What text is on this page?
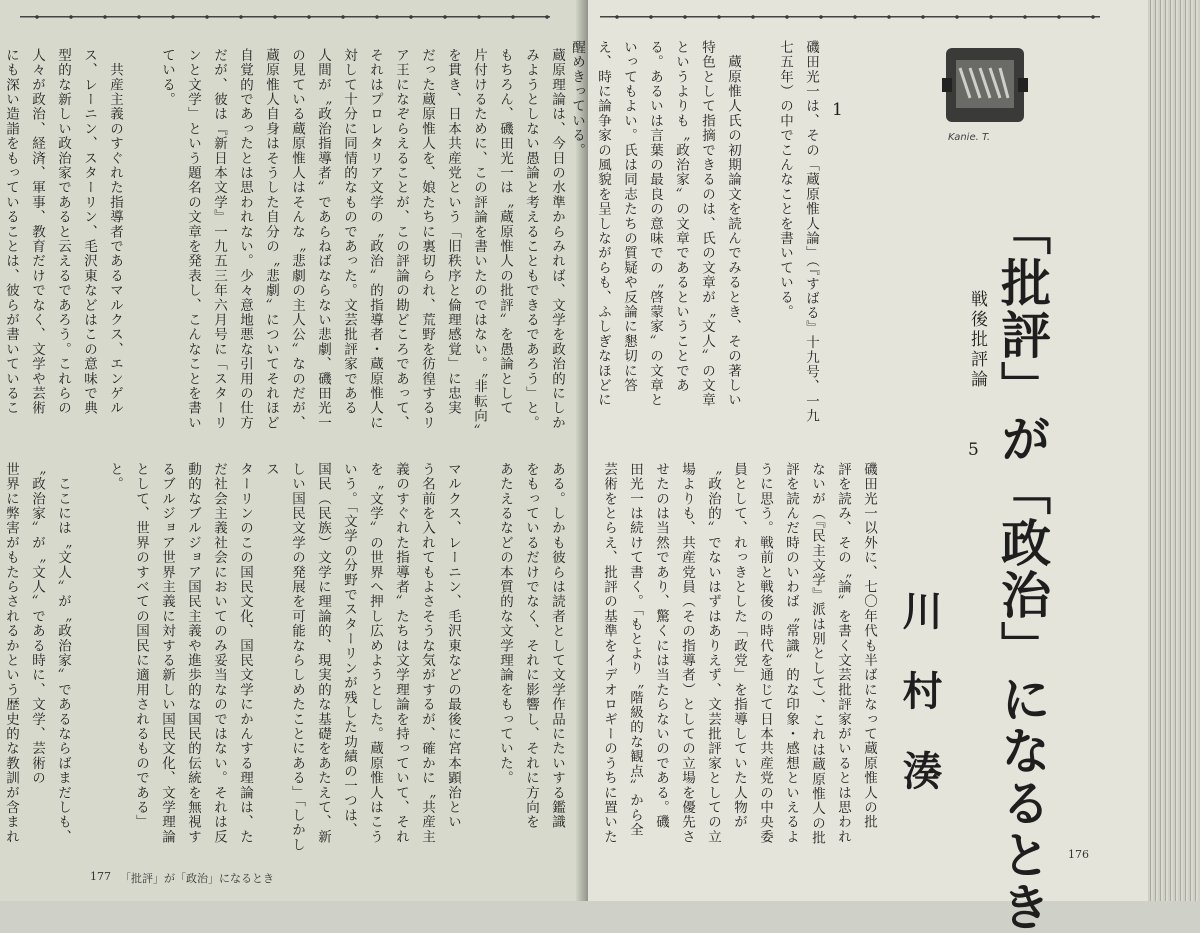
蔵原理論は、今日の水準からみれば、文学を政治的にしか
みようとしない愚論と考えることもできるであろう」と。
もちろん、磯田光一は〝蔵原惟人の批評〟を愚論として
片付けるために、この評論を書いたのではない。〝非転向〟
を貫き、日本共産党という「旧秩序と倫理感覚」に忠実
だった蔵原惟人を、娘たちに裏切られ、荒野を彷徨するリ
ア王になぞらえることが、この評論の勘どころであって、
それはプロレタリア文学の〝政治〟的指導者・蔵原惟人に
対して十分に同情的なものであった。文芸批評家である
人間が〝政治指導者〟であらねばならない悲劇、磯田光一
の見ている蔵原惟人はそんな〝悲劇の主人公〟なのだが、
蔵原惟人自身はそうした自分の〝悲劇〟についてそれほど
自覚的であったとは思われない。少々意地悪な引用の仕方
だが、彼は『新日本文学』一九五三年六月号に「スターリ
ンと文学」という題名の文章を発表し、こんなことを書い
ている。

　共産主義のすぐれた指導者であるマルクス、エンゲル
ス、レーニン、スターリン、毛沢東などはこの意味で典
型的な新しい政治家であると云えるであろう。これらの
人々が政治、経済、軍事、教育だけでなく、文学や芸術
にも深い造詣をもっていることは、彼らが書いているこ
ある。しかも彼らは読者として文学作品にたいする鑑識
をもっているだけでなく、それに影響し、それに方向を
あたえるなどの本質的な文学理論をもっていた。

マルクス、レーニン、毛沢東などの最後に宮本顕治とい
う名前を入れてもよさそうな気がするが、確かに〝共産主
義のすぐれた指導者〟たちは文学理論を持っていて、それ
を〝文学〟の世界へ押し広めようとした。蔵原惟人はこう
いう。「文学の分野でスターリンが残した功績の一つは、
国民（民族）文学に理論的、現実的な基礎をあたえて、新
しい国民文学の発展を可能ならしめたことにある」「しかしス
ターリンのこの国民文化、国民文学にかんする理論は、た
だ社会主義社会においてのみ妥当なのではない。それは反
動的なブルジョア国民主義や進歩的な国民的伝統を無視す
るブルジョア世界主義に対する新しい国民文化、文学理論
として、世界のすべての国民に適用されるものである」
と。

　ここには〝文人〟が〝政治家〟であるならばまだしも、
〝政治家〟が〝文人〟である時に、文学、芸術の
世界に弊害がもたらされるかという歴史的な教訓が含まれ
177 「批評」が「政治」になるとき
176
磯田光一は、その「蔵原惟人論」（『すばる』十九号、一九
七五年）の中でこんなことを書いている。

　蔵原惟人氏の初期論文を読んでみるとき、その著しい
特色として指摘できるのは、氏の文章が〝文人〟の文章
というよりも〝政治家〟の文章であるということであ
る。あるいは言葉の最良の意味での〝啓蒙家〟の文章と
いってもよい。氏は同志たちの質疑や反論に懇切に答
え、時に論争家の風貌を呈しながらも、ふしぎなほどに
醒めきっている。
磯田光一以外に、七〇年代も半ばになって蔵原惟人の批
評を読み、その〝論〟を書く文芸批評家がいるとは思われ
ないが（『民主文学』派は別として）、これは蔵原惟人の批
評を読んだ時のいわば〝常識〟的な印象・感想といえるよ
うに思う。戦前と戦後の時代を通じて日本共産党の中央委
員として、れっきとした「政党」を指導していた人物が
〝政治的〟でないはずはありえず、文芸批評家としての立
場よりも、共産党員（その指導者）としての立場を優先さ
せたのは当然であり、驚くには当たらないのである。磯
田光一は続けて書く。「もとより〝階級的な観点〟から全
芸術をとらえ、批評の基準をイデオロギーのうちに置いた
1
Kanie. T.
「批評」が「政治」になるとき
戦後批評論
5
川村湊
